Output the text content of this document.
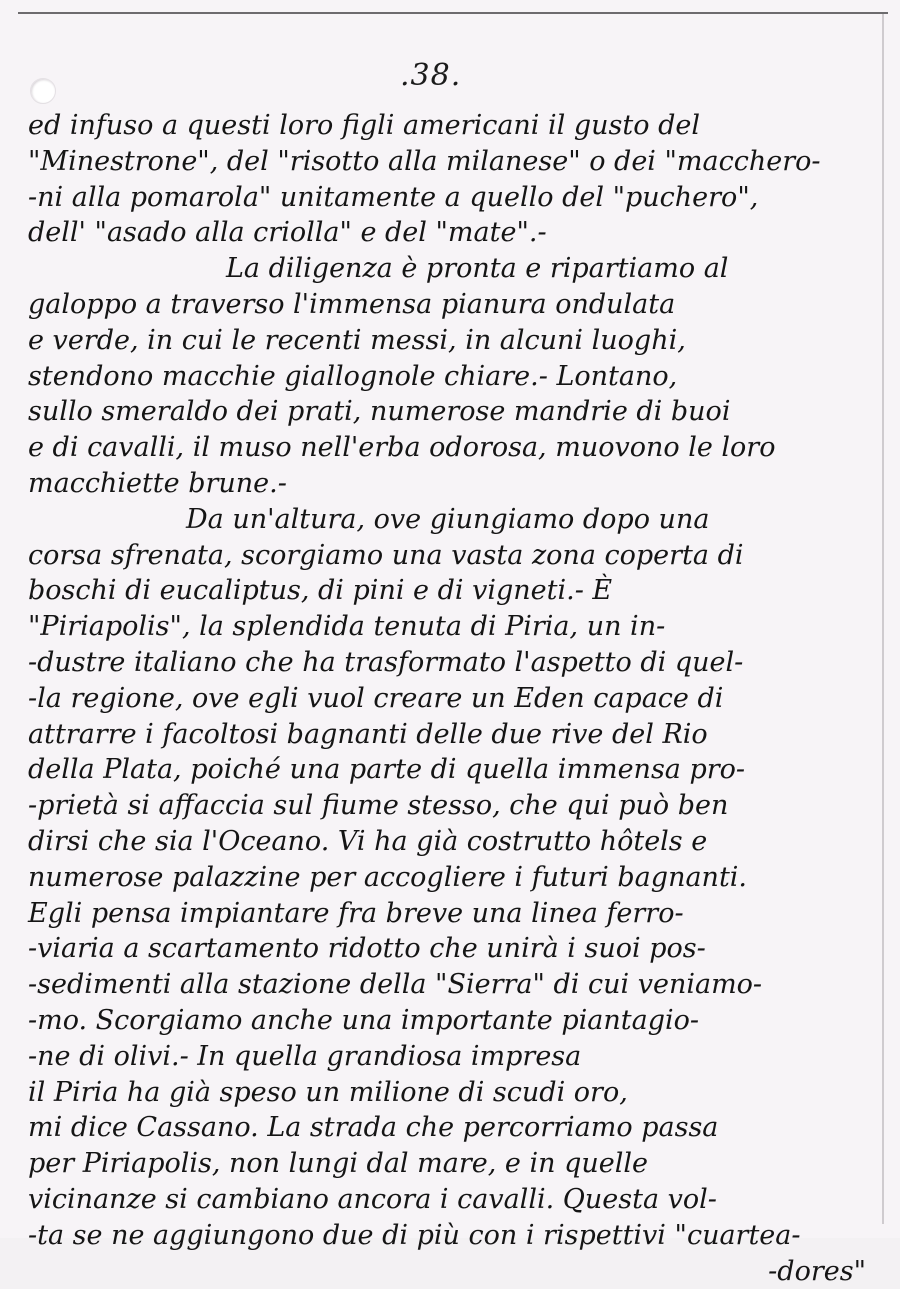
.38.
ed infuso a questi loro figli americani il gusto del
"Minestrone", del "risotto alla milanese" o dei "macchero-
-ni alla pomarola" unitamente a quello del "puchero",
dell' "asado alla criolla" e del "mate".-
La diligenza è pronta e ripartiamo al
galoppo a traverso l'immensa pianura ondulata
e verde, in cui le recenti messi, in alcuni luoghi,
stendono macchie giallognole chiare.- Lontano,
sullo smeraldo dei prati, numerose mandrie di buoi
e di cavalli, il muso nell'erba odorosa, muovono le loro
macchiette brune.-
Da un'altura, ove giungiamo dopo una
corsa sfrenata, scorgiamo una vasta zona coperta di
boschi di eucaliptus, di pini e di vigneti.- È
"Piriapolis", la splendida tenuta di Piria, un in-
-dustre italiano che ha trasformato l'aspetto di quel-
-la regione, ove egli vuol creare un Eden capace di
attrarre i facoltosi bagnanti delle due rive del Rio
della Plata, poiché una parte di quella immensa pro-
-prietà si affaccia sul fiume stesso, che qui può ben
dirsi che sia l'Oceano. Vi ha già costrutto hôtels e
numerose palazzine per accogliere i futuri bagnanti.
Egli pensa impiantare fra breve una linea ferro-
-viaria a scartamento ridotto che unirà i suoi pos-
-sedimenti alla stazione della "Sierra" di cui veniamo-
-mo. Scorgiamo anche una importante piantagio-
-ne di olivi.- In quella grandiosa impresa
il Piria ha già speso un milione di scudi oro,
mi dice Cassano. La strada che percorriamo passa
per Piriapolis, non lungi dal mare, e in quelle
vicinanze si cambiano ancora i cavalli. Questa vol-
-ta se ne aggiungono due di più con i rispettivi "cuartea-
-dores"
